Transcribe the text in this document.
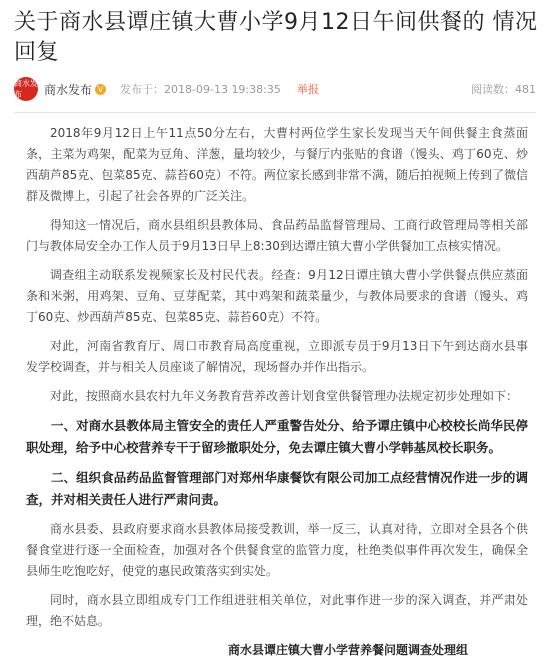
关于商水县谭庄镇大曹小学9月12日午间供餐的 情况回复
商水发布	商水发布 V 发布于：2018-09-13 19:38:35 举报	阅读数：481

2018年9月12日上午11点50分左右，大曹村两位学生家长发现当天午间供餐主食蒸面条，主菜为鸡架，配菜为豆角、洋葱，量均较少，与餐厅内张贴的食谱（馒头、鸡丁60克、炒西葫芦85克、包菜85克、蒜苔60克）不符。两位家长感到非常不满，随后拍视频上传到了微信群及微博上，引起了社会各界的广泛关注。

得知这一情况后，商水县组织县教体局、食品药品监督管理局、工商行政管理局等相关部门与教体局安全办工作人员于9月13日早上8:30到达谭庄镇大曹小学供餐加工点核实情况。

调查组主动联系发视频家长及村民代表。经查：9月12日谭庄镇大曹小学供餐点供应蒸面条和米粥，用鸡架、豆角、豆芽配菜，其中鸡架和蔬菜量少，与教体局要求的食谱（馒头、鸡丁60克、炒西葫芦85克、包菜85克、蒜苔60克）不符。

对此，河南省教育厅、周口市教育局高度重视，立即派专员于9月13日下午到达商水县事发学校调查，并与相关人员座谈了解情况，现场督办并作出指示。

对此，按照商水县农村九年义务教育营养改善计划食堂供餐管理办法规定初步处理如下：

一、对商水县教体局主管安全的责任人严重警告处分、给予谭庄镇中心校校长尚华民停职处理，给予中心校营养专干于留珍撤职处分，免去谭庄镇大曹小学韩基凤校长职务。

二、组织食品药品监督管理部门对郑州华康餐饮有限公司加工点经营情况作进一步的调查，并对相关责任人进行严肃问责。

商水县委、县政府要求商水县教体局接受教训，举一反三，认真对待，立即对全县各个供餐食堂进行逐一全面检查，加强对各个供餐食堂的监管力度，杜绝类似事件再次发生，确保全县师生吃饱吃好，使党的惠民政策落实到实处。

同时，商水县立即组成专门工作组进驻相关单位，对此事作进一步的深入调查，并严肃处理，绝不姑息。

商水县谭庄镇大曹小学营养餐问题调查处理组
